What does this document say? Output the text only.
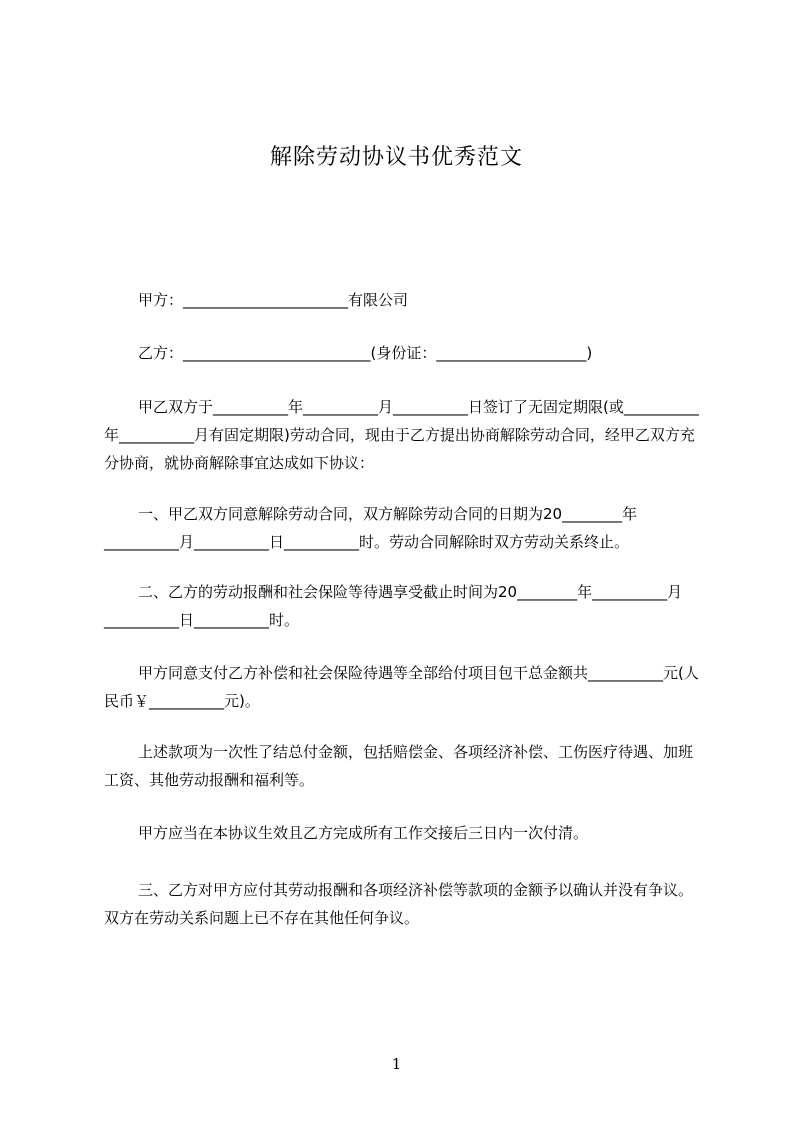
解除劳动协议书优秀范文

甲方：______________________有限公司

乙方：_________________________(身份证：____________________)

甲乙双方于__________年__________月__________日签订了无固定期限(或__________年__________月有固定期限)劳动合同，现由于乙方提出协商解除劳动合同，经甲乙双方充分协商，就协商解除事宜达成如下协议：

一、甲乙双方同意解除劳动合同，双方解除劳动合同的日期为20________年__________月__________日__________时。劳动合同解除时双方劳动关系终止。

二、乙方的劳动报酬和社会保险等待遇享受截止时间为20________年__________月__________日__________时。

甲方同意支付乙方补偿和社会保险待遇等全部给付项目包干总金额共__________元(人民币￥__________元)。

上述款项为一次性了结总付金额，包括赔偿金、各项经济补偿、工伤医疗待遇、加班工资、其他劳动报酬和福利等。

甲方应当在本协议生效且乙方完成所有工作交接后三日内一次付清。

三、乙方对甲方应付其劳动报酬和各项经济补偿等款项的金额予以确认并没有争议。双方在劳动关系问题上已不存在其他任何争议。

1
